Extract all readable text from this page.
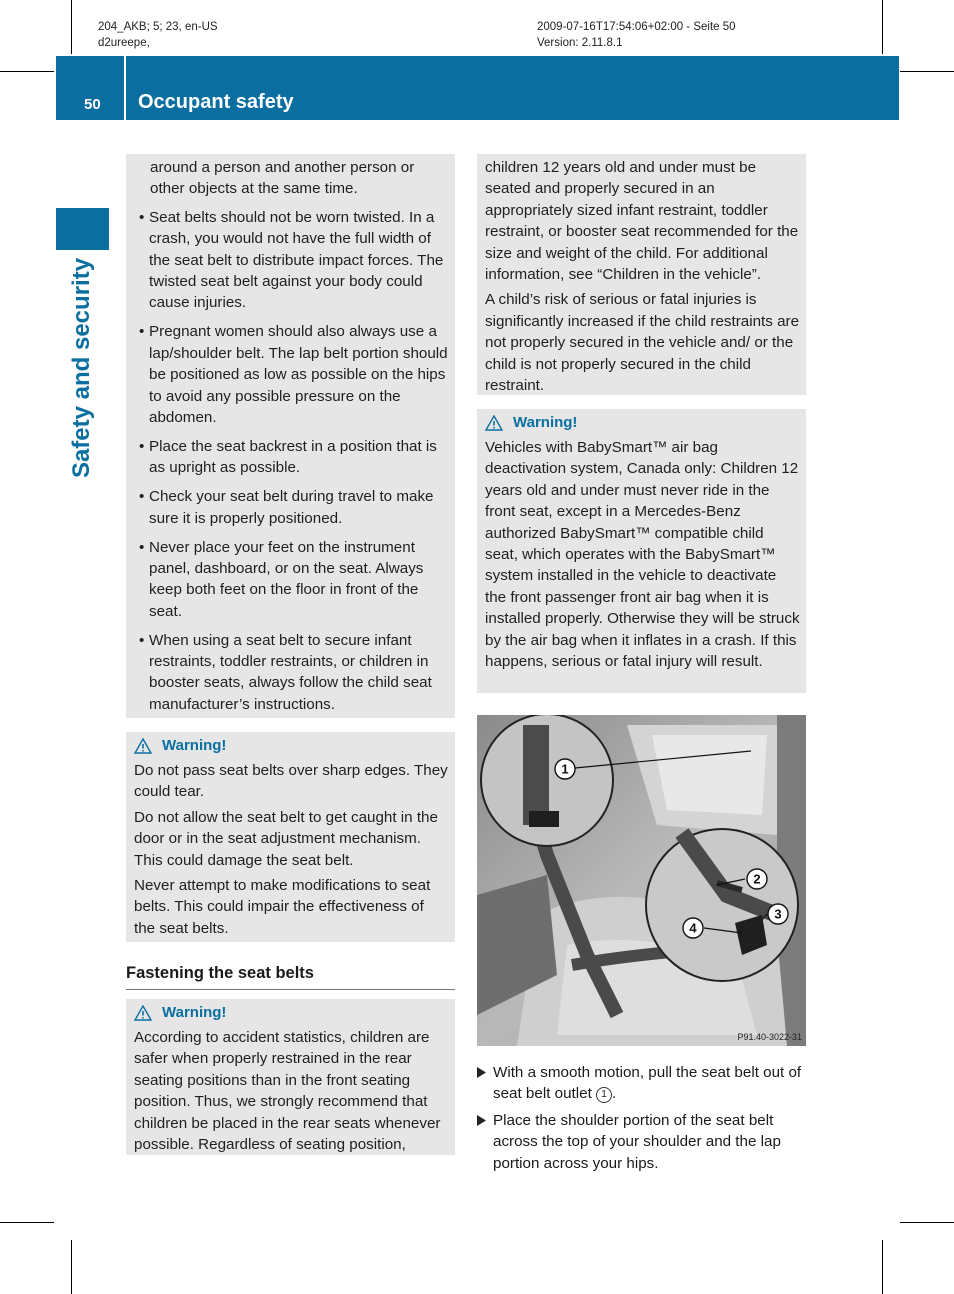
204_AKB; 5; 23, en-US
d2ureepe,
2009-07-16T17:54:06+02:00 - Seite 50
Version: 2.11.8.1
50 Occupant safety
Safety and security

around a person and another person or other objects at the same time.

• Seat belts should not be worn twisted. In a crash, you would not have the full width of the seat belt to distribute impact forces. The twisted seat belt against your body could cause injuries.
• Pregnant women should also always use a lap/shoulder belt. The lap belt portion should be positioned as low as possible on the hips to avoid any possible pressure on the abdomen.
• Place the seat backrest in a position that is as upright as possible.
• Check your seat belt during travel to make sure it is properly positioned.
• Never place your feet on the instrument panel, dashboard, or on the seat. Always keep both feet on the floor in front of the seat.
• When using a seat belt to secure infant restraints, toddler restraints, or children in booster seats, always follow the child seat manufacturer’s instructions.
Warning!

Do not pass seat belts over sharp edges. They could tear.

Do not allow the seat belt to get caught in the door or in the seat adjustment mechanism. This could damage the seat belt.

Never attempt to make modifications to seat belts. This could impair the effectiveness of the seat belts.

Fastening the seat belts
Warning!

According to accident statistics, children are safer when properly restrained in the rear seating positions than in the front seating position. Thus, we strongly recommend that children be placed in the rear seats whenever possible. Regardless of seating position,

children 12 years old and under must be seated and properly secured in an appropriately sized infant restraint, toddler restraint, or booster seat recommended for the size and weight of the child. For additional information, see “Children in the vehicle”.

A child’s risk of serious or fatal injuries is significantly increased if the child restraints are not properly secured in the vehicle and/ or the child is not properly secured in the child restraint.

Warning!

Vehicles with BabySmart™ air bag deactivation system, Canada only: Children 12 years old and under must never ride in the front seat, except in a Mercedes-Benz authorized BabySmart™ compatible child seat, which operates with the BabySmart™ system installed in the vehicle to deactivate the front passenger front air bag when it is installed properly. Otherwise they will be struck by the air bag when it inflates in a crash. If this happens, serious or fatal injury will result.

1
2
3
4
P91.40-3022-31
With a smooth motion, pull the seat belt out of seat belt outlet 1 .
Place the shoulder portion of the seat belt across the top of your shoulder and the lap portion across your hips.
